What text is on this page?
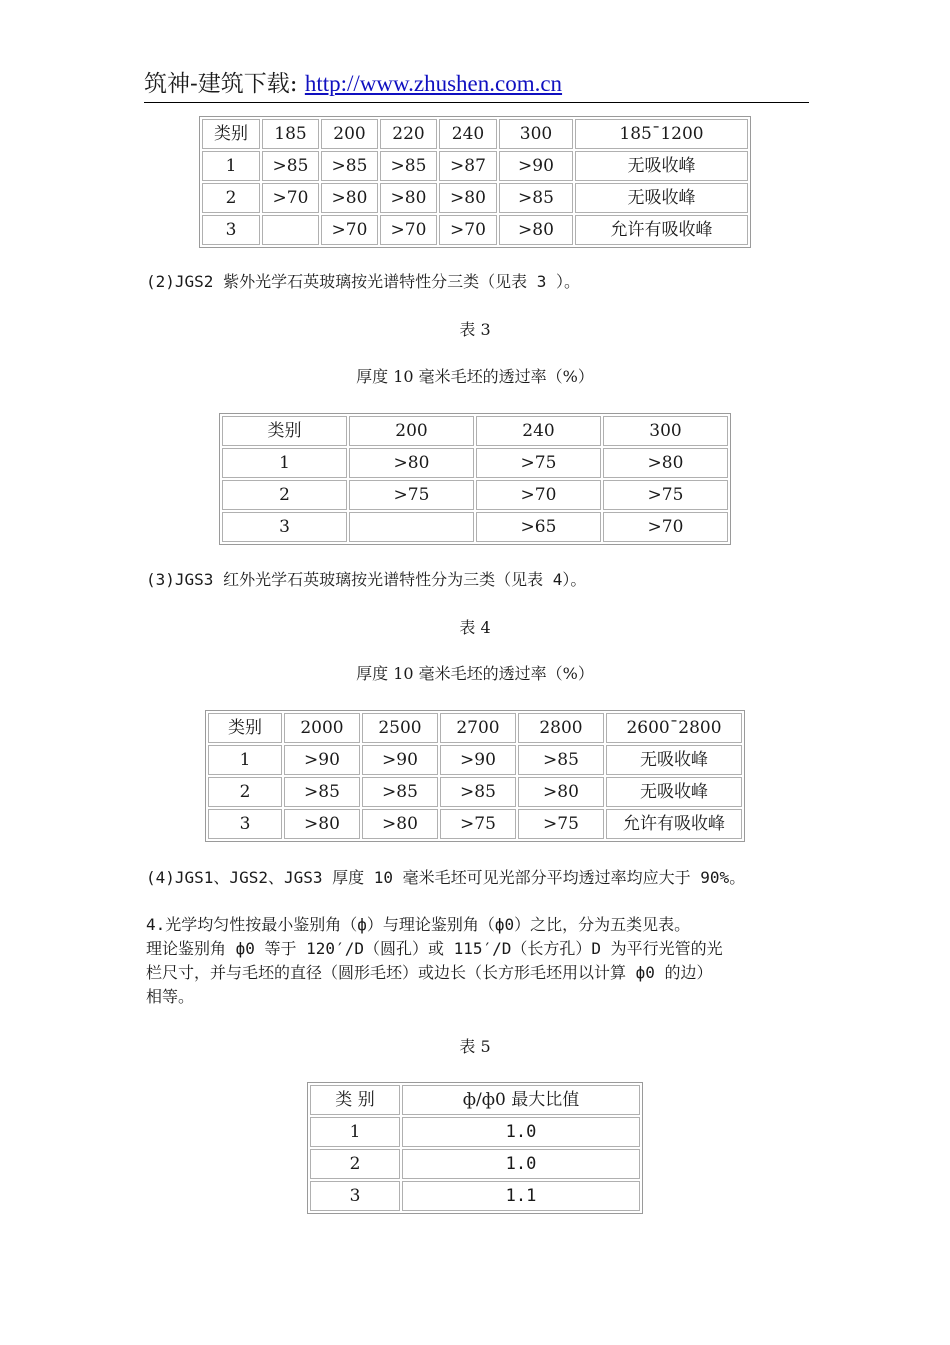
筑神-建筑下载: http://www.zhushen.com.cn
类别	185	200	220	240	300	185¯1200
1	>85	>85	>85	>87	>90	无吸收峰
2	>70	>80	>80	>80	>85	无吸收峰
3		>70	>70	>70	>80	允许有吸收峰
(2)JGS2 紫外光学石英玻璃按光谱特性分三类（见表 3 ）。
表 3
厚度 10 毫米毛坯的透过率（%）
类别	200	240	300
1	>80	>75	>80
2	>75	>70	>75
3		>65	>70
(3)JGS3 红外光学石英玻璃按光谱特性分为三类（见表 4）。
表 4
厚度 10 毫米毛坯的透过率（%）
类别	2000	2500	2700	2800	2600¯2800
1	>90	>90	>90	>85	无吸收峰
2	>85	>85	>85	>80	无吸收峰
3	>80	>80	>75	>75	允许有吸收峰
(4)JGS1、JGS2、JGS3 厚度 10 毫米毛坯可见光部分平均透过率均应大于 90%。
4.光学均匀性按最小鉴别角（ф）与理论鉴别角（ф0）之比，分为五类见表。
理论鉴别角 ф0 等于 120′/D（圆孔）或 115′/D（长方孔）D 为平行光管的光
栏尺寸，并与毛坯的直径（圆形毛坯）或边长（长方形毛坯用以计算 ф0 的边）
相等。
表 5
类 别	ф/ф0 最大比值
1	1.0
2	1.0
3	1.1
